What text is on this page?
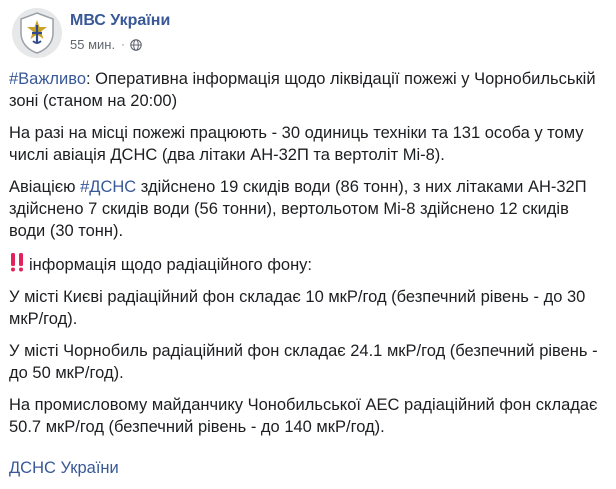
МВС України
55 мин. ·

#Важливо: Оперативна інформація щодо ліквідації пожежі у Чорнобильській зоні (станом на 20:00)

На разі на місці пожежі працюють - 30 одиниць техніки та 131 особа у тому числі авіація ДСНС (два літаки АН-32П та вертоліт Мі-8).

Авіацією #ДСНС здійснено 19 скидів води (86 тонн), з них літаками АН-32П здійснено 7 скидів води (56 тонни), вертольотом Мі-8 здійснено 12 скидів води (30 тонн).

інформація щодо радіаційного фону:

У місті Києві радіаційний фон складає 10 мкР/год (безпечний рівень - до 30 мкР/год).

У місті Чорнобиль радіаційний фон складає 24.1 мкР/год (безпечний рівень - до 50 мкР/год).

На промисловому майданчику Чонобильської АЕС радіаційний фон складає 50.7 мкР/год (безпечний рівень - до 140 мкР/год).

ДСНС України
